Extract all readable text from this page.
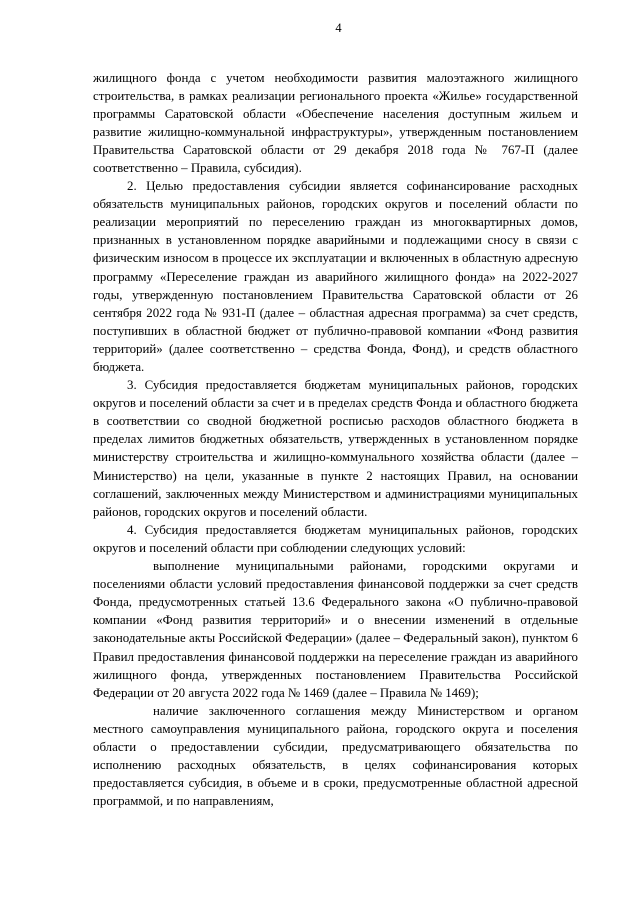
4

жилищного фонда с учетом необходимости развития малоэтажного жилищного строительства, в рамках реализации регионального проекта «Жилье» государственной программы Саратовской области «Обеспечение населения доступным жильем и развитие жилищно-коммунальной инфраструктуры», утвержденным постановлением Правительства Саратовской области от 29 декабря 2018 года № 767-П (далее соответственно – Правила, субсидия).

2. Целью предоставления субсидии является софинансирование расходных обязательств муниципальных районов, городских округов и поселений области по реализации мероприятий по переселению граждан из многоквартирных домов, признанных в установленном порядке аварийными и подлежащими сносу в связи с физическим износом в процессе их эксплуатации и включенных в областную адресную программу «Переселение граждан из аварийного жилищного фонда» на 2022-2027 годы, утвержденную постановлением Правительства Саратовской области от 26 сентября 2022 года № 931-П (далее – областная адресная программа) за счет средств, поступивших в областной бюджет от публично-правовой компании «Фонд развития территорий» (далее соответственно – средства Фонда, Фонд), и средств областного бюджета.

3. Субсидия предоставляется бюджетам муниципальных районов, городских округов и поселений области за счет и в пределах средств Фонда и областного бюджета в соответствии со сводной бюджетной росписью расходов областного бюджета в пределах лимитов бюджетных обязательств, утвержденных в установленном порядке министерству строительства и жилищно-коммунального хозяйства области (далее – Министерство) на цели, указанные в пункте 2 настоящих Правил, на основании соглашений, заключенных между Министерством и администрациями муниципальных районов, городских округов и поселений области.

4. Субсидия предоставляется бюджетам муниципальных районов, городских округов и поселений области при соблюдении следующих условий:

выполнение муниципальными районами, городскими округами и поселениями области условий предоставления финансовой поддержки за счет средств Фонда, предусмотренных статьей 13.6 Федерального закона «О публично-правовой компании «Фонд развития территорий» и о внесении изменений в отдельные законодательные акты Российской Федерации» (далее – Федеральный закон), пунктом 6 Правил предоставления финансовой поддержки на переселение граждан из аварийного жилищного фонда, утвержденных постановлением Правительства Российской Федерации от 20 августа 2022 года № 1469 (далее – Правила № 1469);

наличие заключенного соглашения между Министерством и органом местного самоуправления муниципального района, городского округа и поселения области о предоставлении субсидии, предусматривающего обязательства по исполнению расходных обязательств, в целях софинансирования которых предоставляется субсидия, в объеме и в сроки, предусмотренные областной адресной программой, и по направлениям,
